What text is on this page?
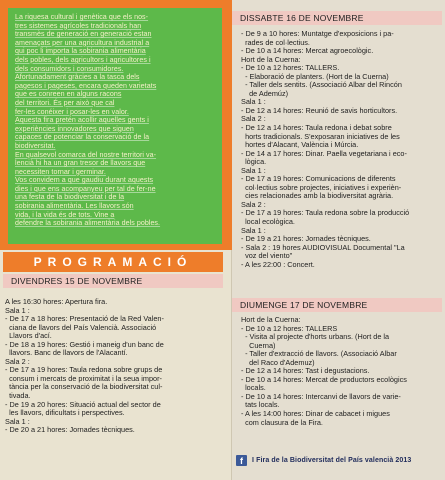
La riquesa cultural i genètica que els nos-

tres sistemes agrícoles tradicionals han

transmès de generació en generació estan

amenaçats per una agricultura industrial a

qui poc li importa la sobirania alimentària

dels pobles, dels agricultors i agricultores i

dels consumidors i consumidores.

Afortunadament gràcies a la tasca dels

pagesos i pageses, encara queden varietats

que es conreen en alguns racons

del territori. És per això que cal

fer-les conéixer i posar-les en valor.

Aquesta fira pretén acollir aquelles gents i

experiències innovadores que siguen

capaces de potenciar la conservació de la

biodiversitat.

En qualsevol comarca del nostre territori va-

lencià hi ha un gran tresor de llavors que

necessiten tornar i germinar.

Vos convidem a que gaudiu durant aquests

dies i que ens acompanyeu per tal de fer-ne

una festa de la biodiversitat i de la

sobirania alimentària. Les llavors són

vida, i la vida és de tots. Vine a

defendre la sobirania alimentària dels pobles.

PROGRAMACIÓ
DIVENDRES 15 DE NOVEMBRE
A les 16:30 hores: Apertura fira.
Sala 1 :
- De 17 a 18 hores: Presentació de la Red Valen-
ciana de llavors del País Valencià. Associació
Llavors d'ací.
- De 18 a 19 hores: Gestió i maneig d'un banc de
llavors. Banc de llavors de l'Alacantí.
Sala 2 :
- De 17 a 19 hores: Taula redona sobre grups de
consum i mercats de proximitat i la seua impor-
tància per la conservació de la biodiversitat cul-
tivada.
- De 19 a 20 hores: Situació actual del sector de
les llavors, dificultats i perspectives.
Sala 1 :
- De 20 a 21 hores: Jornades tècniques.
DISSABTE 16 DE NOVEMBRE
- De 9 a 10 hores: Muntatge d'exposicions i pa-
rades de col·lectius.
- De 10 a 14 hores: Mercat agroecològic.
Hort de la Cuerna:
- De 10 a 12 hores: TALLERS.
- Elaboració de planters. (Hort de la Cuerna)
- Taller dels sentits. (Associació Albar del Rincón
de Ademúz)
Sala 1 :
- De 12 a 14 hores: Reunió de savis horticultors.
Sala 2 :
- De 12 a 14 hores: Taula redona i debat sobre
horts tradicionals. S'exposaran iniciatives de les
hortes d'Alacant, València i Múrcia.
- De 14 a 17 hores: Dinar. Paella vegetariana i eco-
lògica.
Sala 1 :
- De 17 a 19 hores: Comunicacions de diferents
col·lectius sobre projectes, iniciatives i experièn-
cies relacionades amb la biodiversitat agrària.
Sala 2 :
- De 17 a 19 hores: Taula redona sobre la producció
local ecològica.
Sala 1 :
- De 19 a 21 hores: Jornades tècniques.
- Sala 2 : 19 hores AUDIOVISUAL Documental "La
voz del viento"
- A les 22:00 : Concert.
DIUMENGE 17 DE NOVEMBRE
Hort de la Cuerna:
- De 10 a 12 hores: TALLERS
- Visita al projecte d'horts urbans. (Hort de la
Cuerna)
- Taller d'extracció de llavors. (Associació Albar
del Raco d'Ademuz)
- De 12 a 14 hores: Tast i degustacions.
- De 10 a 14 hores: Mercat de productors ecològics
locals.
- De 10 a 14 hores: Intercanvi de llavors de varie-
tats locals.
- A les 14:00 hores: Dinar de cabacet i migues
com clausura de la Fira.
f	I Fira de la Biodiversitat del País valencià 2013
